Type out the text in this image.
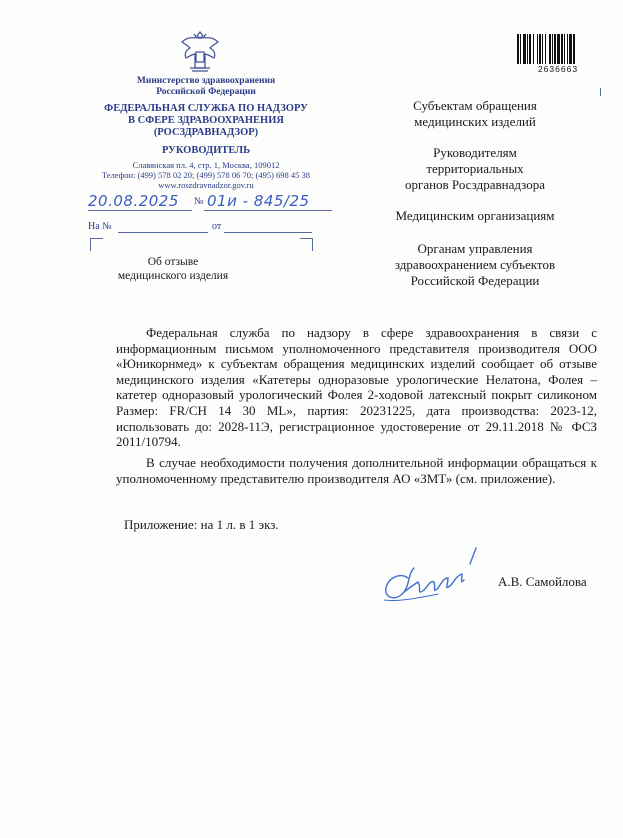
2636663
Министерство здравоохранения
Российской Федерации
ФЕДЕРАЛЬНАЯ СЛУЖБА ПО НАДЗОРУ
В СФЕРЕ ЗДРАВООХРАНЕНИЯ
(РОСЗДРАВНАДЗОР)
РУКОВОДИТЕЛЬ
Славянская пл. 4, стр. 1, Москва, 109012
Телефон: (499) 578 02 20; (499) 578 06 70; (495) 698 45 38
www.roszdravnadzor.gov.ru
20.08.2025 № 01и - 845/25
На №	от
Об отзыве
медицинского изделия
Субъектам обращения
медицинских изделий
Руководителям
территориальных
органов Росздравнадзора
Медицинским организациям
Органам управления
здравоохранением субъектов
Российской Федерации
Федеральная служба по надзору в сфере здравоохранения в связи с информационным письмом уполномоченного представителя производителя ООО «Юникорнмед» к субъектам обращения медицинских изделий сообщает об отзыве медицинского изделия «Катетеры одноразовые урологические Нелатона, Фолея – катетер одноразовый урологический Фолея 2-ходовой латексный покрыт силиконом Размер: FR/CH 14 30 ML», партия: 20231225, дата производства: 2023-12, использовать до: 2028-11Э, регистрационное удостоверение от 29.11.2018 № ФСЗ 2011/10794.
В случае необходимости получения дополнительной информации обращаться к уполномоченному представителю производителя АО «ЗМТ» (см. приложение).
Приложение: на 1 л. в 1 экз.
А.В. Самойлова
